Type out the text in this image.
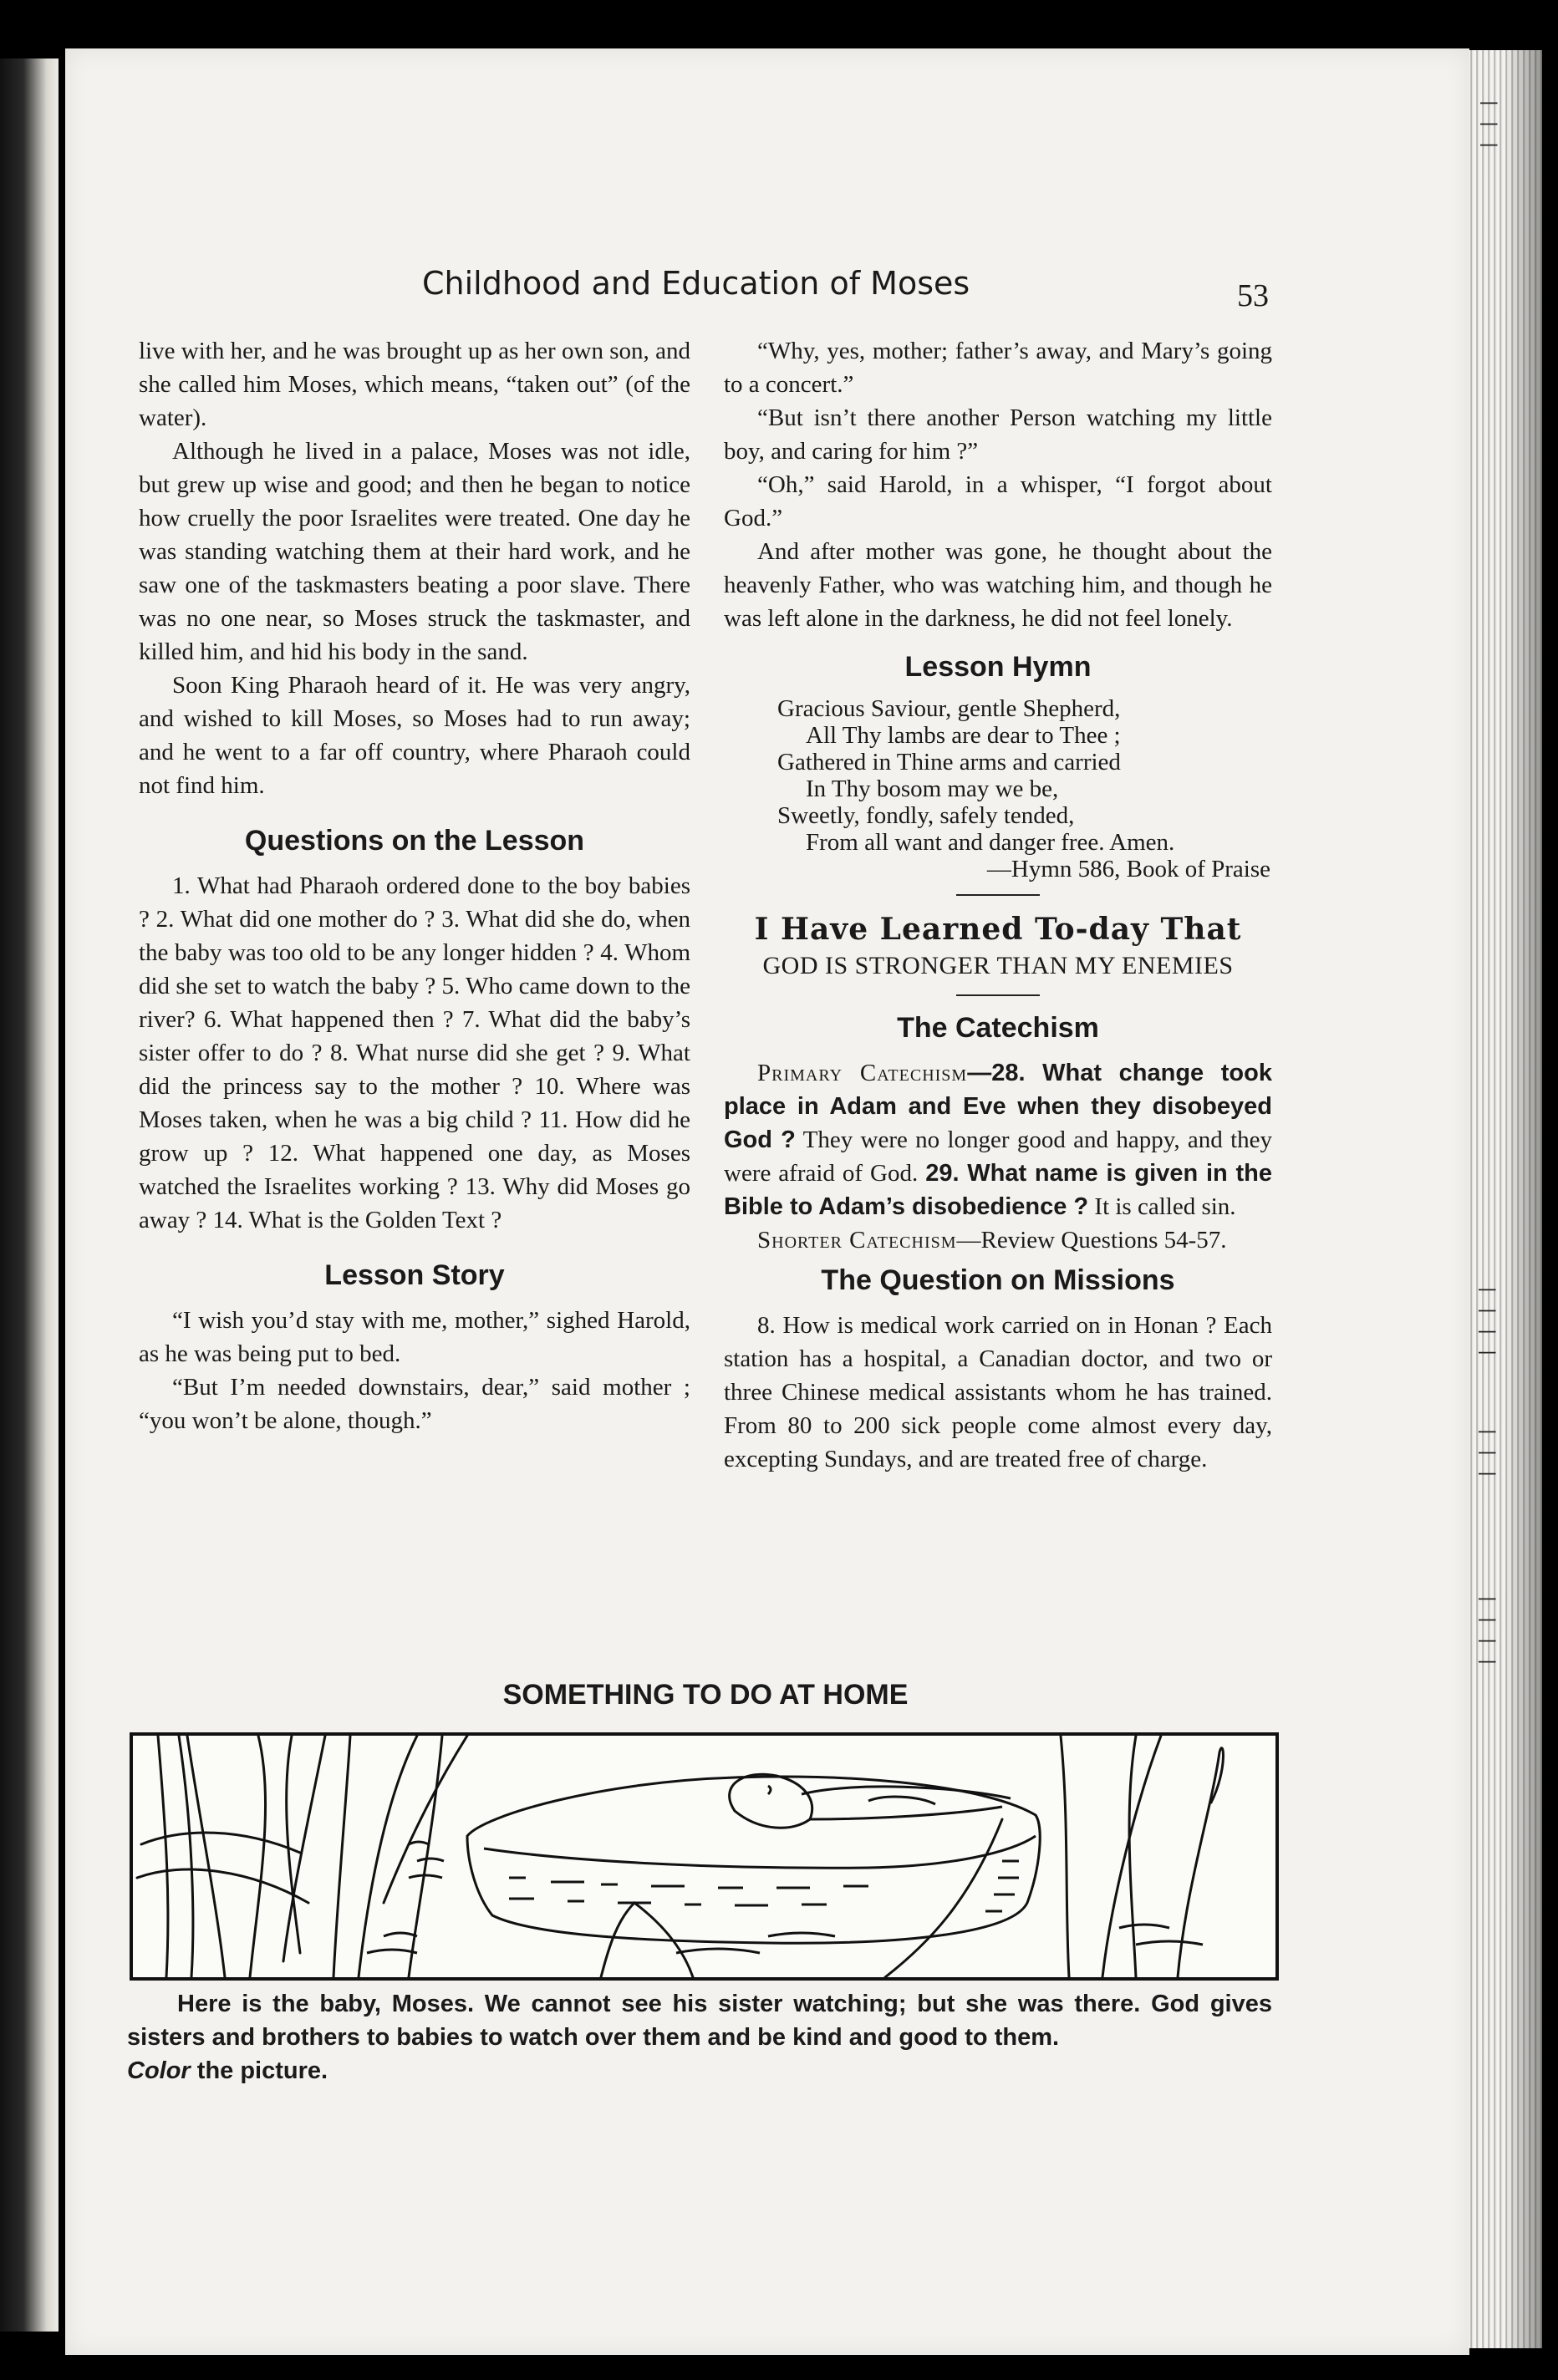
| | |
| | | |
| | |
| | | |
Childhood and Education of Moses	53

live with her, and he was brought up as her own son, and she called him Moses, which means, “taken out” (of the water).

Although he lived in a palace, Moses was not idle, but grew up wise and good; and then he began to notice how cruelly the poor Israelites were treated. One day he was standing watching them at their hard work, and he saw one of the taskmasters beating a poor slave. There was no one near, so Moses struck the taskmaster, and killed him, and hid his body in the sand.

Soon King Pharaoh heard of it. He was very angry, and wished to kill Moses, so Moses had to run away; and he went to a far off country, where Pharaoh could not find him.

Questions on the Lesson

1. What had Pharaoh ordered done to the boy babies ? 2. What did one mother do ? 3. What did she do, when the baby was too old to be any longer hidden ? 4. Whom did she set to watch the baby ? 5. Who came down to the river? 6. What happened then ? 7. What did the baby’s sister offer to do ? 8. What nurse did she get ? 9. What did the princess say to the mother ? 10. Where was Moses taken, when he was a big child ? 11. How did he grow up ? 12. What happened one day, as Moses watched the Israelites working ? 13. Why did Moses go away ? 14. What is the Golden Text ?

Lesson Story

“I wish you’d stay with me, mother,” sighed Harold, as he was being put to bed.

“But I’m needed downstairs, dear,” said mother ; “you won’t be alone, though.”

“Why, yes, mother; father’s away, and Mary’s going to a concert.”

“But isn’t there another Person watching my little boy, and caring for him ?”

“Oh,” said Harold, in a whisper, “I forgot about God.”

And after mother was gone, he thought about the heavenly Father, who was watching him, and though he was left alone in the darkness, he did not feel lonely.

Lesson Hymn
Gracious Saviour, gentle Shepherd,
All Thy lambs are dear to Thee ;
Gathered in Thine arms and carried
In Thy bosom may we be,
Sweetly, fondly, safely tended,
From all want and danger free. Amen.
—Hymn 586, Book of Praise

I Have Learned To-day That

GOD IS STRONGER THAN MY ENEMIES

The Catechism

Primary Catechism—28. What change took place in Adam and Eve when they disobeyed God ? They were no longer good and happy, and they were afraid of God. 29. What name is given in the Bible to Adam’s disobedience ? It is called sin.

Shorter Catechism—Review Questions 54-57.

The Question on Missions

8. How is medical work carried on in Honan ? Each station has a hospital, a Canadian doctor, and two or three Chinese medical assistants whom he has trained. From 80 to 200 sick people come almost every day, excepting Sundays, and are treated free of charge.

SOMETHING TO DO AT HOME
Here is the baby, Moses. We cannot see his sister watching; but she was there. God gives sisters and brothers to babies to watch over them and be kind and good to them.
Color the picture.
